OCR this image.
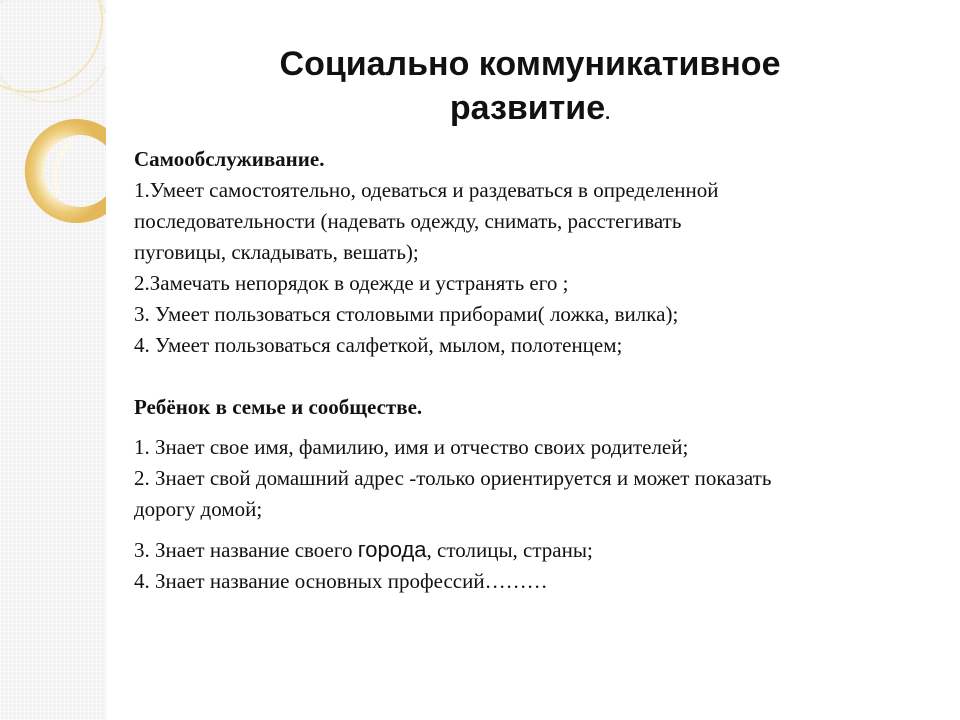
Социально коммуникативное
развитие.
Самообслуживание.
1.Умеет самостоятельно, одеваться и раздеваться в определенной
последовательности (надевать одежду, снимать, расстегивать
пуговицы, складывать, вешать);
2.Замечать непорядок в одежде и устранять его ;
3. Умеет пользоваться столовыми приборами( ложка, вилка);
4. Умеет пользоваться салфеткой, мылом, полотенцем;
Ребёнок в семье и сообществе.
1. Знает свое имя, фамилию, имя и отчество своих родителей;
2. Знает свой домашний адрес -только ориентируется и может показать
дорогу домой;
3. Знает название своего города, столицы, страны;
4. Знает название основных профессий………
